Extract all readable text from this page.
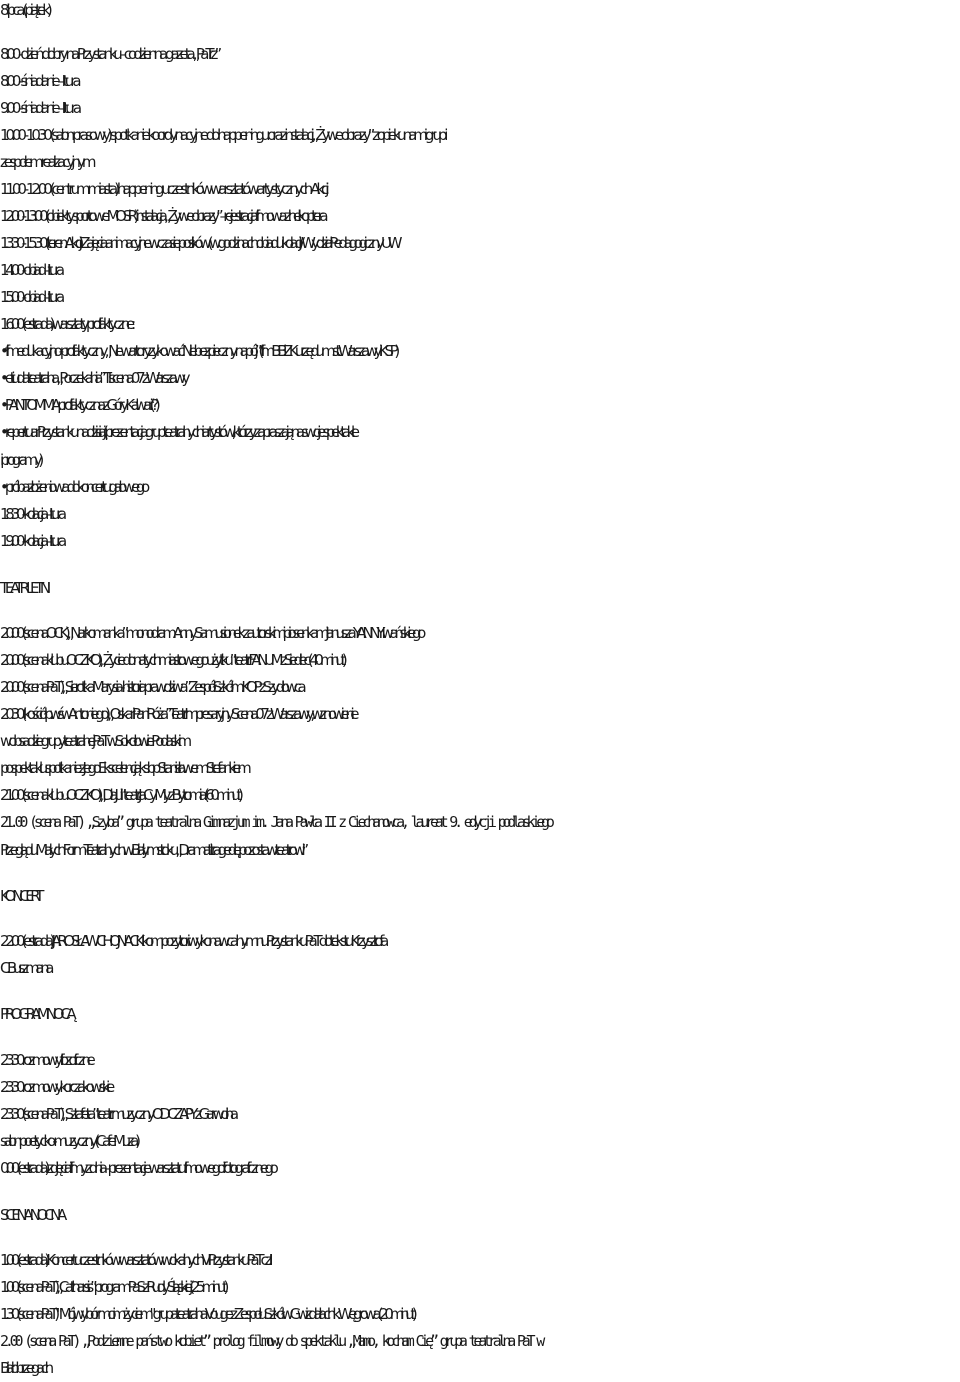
8 lipca (piątek)
8.00 - dzień dobry na Przystanku – codzienna gazeta „PaTrz”
8.00 - śniadanie – I tura
9.00 - śniadanie – II tura
10.00 - 10.30 (salon prasowy) spotkanie koordynacyjne do happeningu oraz instalacji „Żywe obrazy” z opiekunami grup i
zespołem realizacyjnym
11.00 - 12.00 (centrum miasta) happening uczestników warsztatów artystycznych Akcji
12.00 - 13.00 (obiekty sportowe MOSiR) instalacja „Żywe obrazy” – rejestracja filmowa z helikoptera
13.30 - 15.30 (teren Akcji) Zajęcia animacyjne w czasie posiłków (w godzinach obiadu i kolacji) / Wydział Pedagogiczny UW
14.00 - obiad – I tura
15.00 - obiad – II tura
16.00 (estrada) warsztaty profilaktyczne :
• film edukacyjno-profilaktyczny „Nie warto ryzykować. Niebezpieczny napój.” (film BBiZK urzędu m. st. Warszawy i KSP)
• etiuda teatralna „Poczekalnia” TI scena 07 z Warszawy
• PANTOMIMA profilaktyczna z Góry Kalwarii (?)
• repertuar Przystanku na dzisiaj (prezentacja grup teatralnych i artystów, którzy zapraszają na swoje spektakle
i programy)
• próba złożeniowa do koncertu galowego
18.30 - kolacja – I tura
19.00 - kolacja – II tura
TEATR LETNI
20.00 (scena OCK) „Narkomanka” monodram Anny Samusionek z autorskimi piosenkami Janusza YANINY Iwańskiego
20.00 (scena klubu OCZKO) „Życie do natychmiastowego użytku” teatr FANUM z Siedlec (40 minut)
20.00 (scena PaT) „Sierotka Marysia - historia prawdziwa” Zespół Szkół im. KOP z Szydłowca
20.30 (kościół p.w. św. Antoniego) „Oskar i Pani Róża” Teatr Impresaryjny Scena 07 z Warszawy, wznowienie
w obsadzie grupy teatralnej PaT w Sokołowie Podlaskim
po spektaklu spotkanie z Jego Ekscelencją ks.bp Stanisławem Stefankiem
21.00 (scena klubu OCZKO) „Dla Julii” teatr JaCy My z Bytomia (60 minut)
21.00 (scena PaT) „Szyba” grupa teatralna Gimnazjum im. Jana Pawła II z Ciechanowca, laureat 9. edycji podlaskiego
Przeglądu Małych Form Teatralnych w Białymstoku „Dramat i tragedię pozostaw teatrowi”
KONCERT
22.00 (estrada) JAROSŁAW CHOJNACKI kompozytor i wykonawca hymnu Przystanku PaT do tekstu Krzysztofa
C. Buszmana
PROGRAM NOCĄ
23.30 rozmowy filozoficzne
23.30 rozmowy korczakowskie
23.30 (scena PaT) „Sztafeta” teatr muzyczny OD CZAPY z Garwolina
salon poetycko-muzyczny (Cafe Muza)
0.00 (estrada) zdjęcia i filmy z dnia – prezentacje warsztatu filmowego i fotograficznego
SCENA NOCNA
1.00 (estrada) Koncert uczestników warsztatów wokalnych VI Przystanku PaT cz. III
1.00 (scena PaT) „Catharsis” program PaS z Rudy Śląskiej (25 minut)
1.30 (scena PaT) "Mój wybór moim życiem" grupa teatralna Vouge z Zespołu Szkół w Gwizdałach k. Węgrowa (20 minut)
2.00 (scena PaT) „Podziemne państwo kobiet” prolog filmowy do spektaklu „Mamo, kocham Cię” grupa teatralna PaT w
Białobrzegach
